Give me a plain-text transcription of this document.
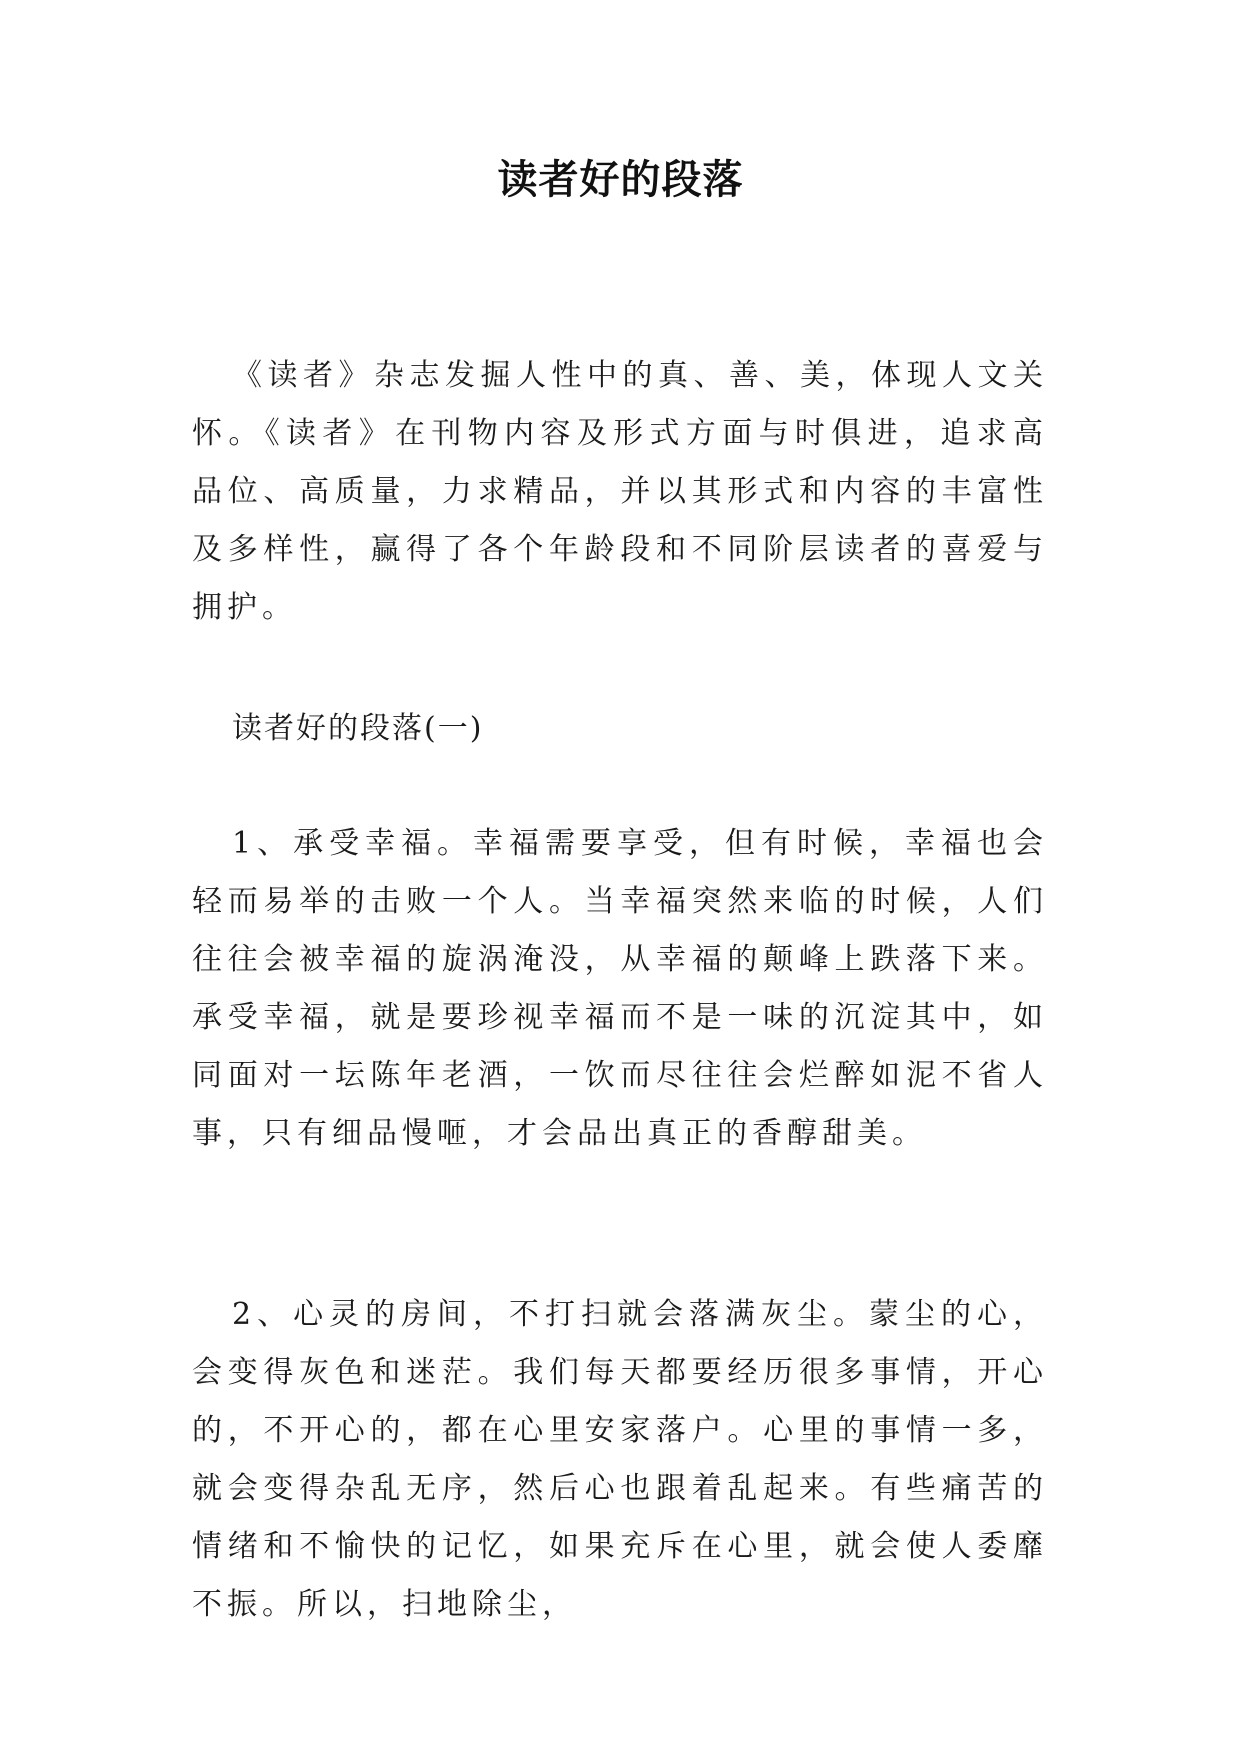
读者好的段落

《读者》杂志发掘人性中的真、善、美，体现人文关怀。《读者》在刊物内容及形式方面与时俱进，追求高品位、高质量，力求精品，并以其形式和内容的丰富性及多样性，赢得了各个年龄段和不同阶层读者的喜爱与拥护。

读者好的段落(一)

1、承受幸福。幸福需要享受，但有时候，幸福也会轻而易举的击败一个人。当幸福突然来临的时候，人们往往会被幸福的旋涡淹没，从幸福的颠峰上跌落下来。承受幸福，就是要珍视幸福而不是一味的沉淀其中，如同面对一坛陈年老酒，一饮而尽往往会烂醉如泥不省人事，只有细品慢咂，才会品出真正的香醇甜美。

2、心灵的房间，不打扫就会落满灰尘。蒙尘的心，会变得灰色和迷茫。我们每天都要经历很多事情，开心的，不开心的，都在心里安家落户。心里的事情一多，就会变得杂乱无序，然后心也跟着乱起来。有些痛苦的情绪和不愉快的记忆，如果充斥在心里，就会使人委靡不振。所以，扫地除尘，
